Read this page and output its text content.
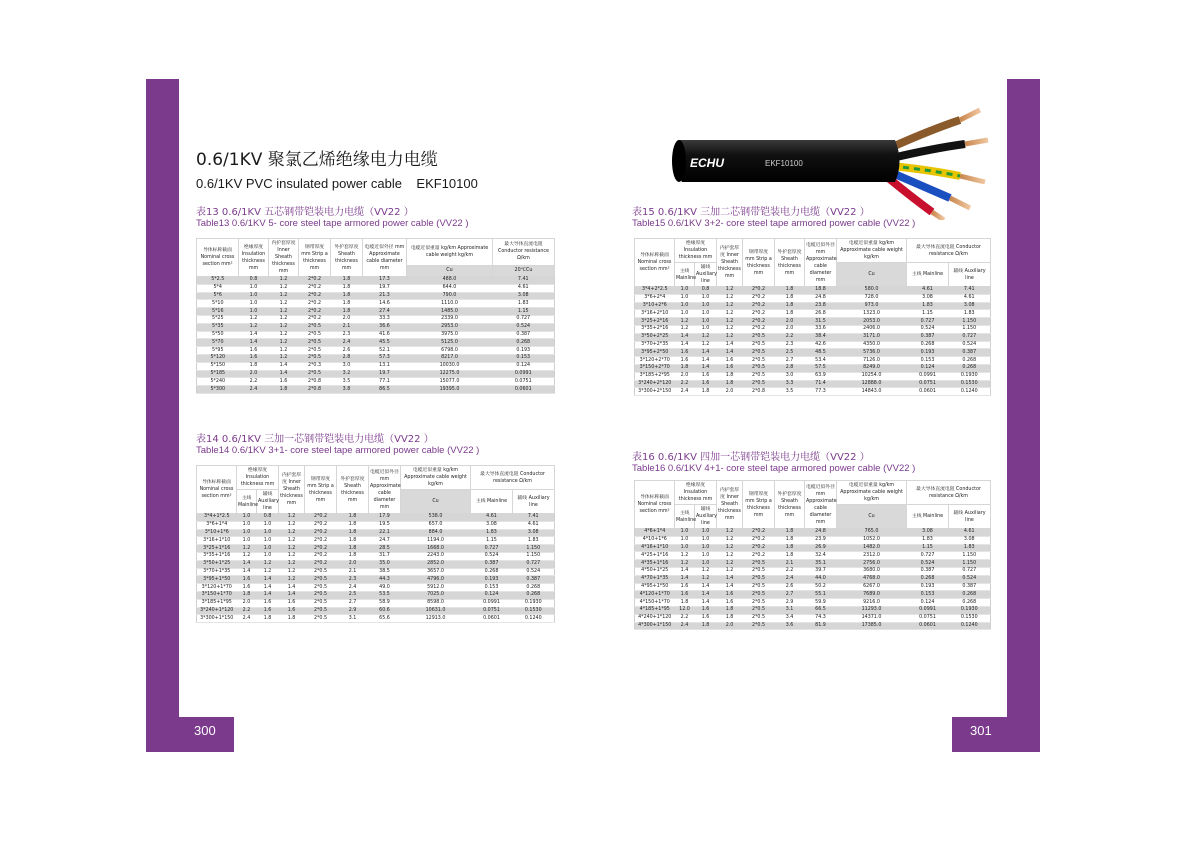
300	301
0.6/1KV 聚氯乙烯绝缘电力电缆
0.6/1KV PVC insulated power cable    EKF10100
ECHU	EKF10100
表13 0.6/1KV 五芯钢带铠装电力电缆（VV22 ）
Table13 0.6/1KV 5- core steel tape armored power cable (VV22 )
导体标称截面 Nominal cross section mm²	绝缘厚度 Insulation thickness mm	内护套厚度 Inner Sheath thickness mm	钢带厚度 mm Strip a thickness mm	外护套厚度 Sheath thickness mm	电缆近似外径 mm Approximate cable diameter mm	电缆近似重量 kg/km Approximate cable weight kg/km	最大导体直流电阻 Conductor resistance Ω/km
						Cu	20℃Cu
5*2.5	0.8	1.2	2*0.2	1.8	17.3	488.0	7.41
5*4	1.0	1.2	2*0.2	1.8	19.7	644.0	4.61
5*6	1.0	1.2	2*0.2	1.8	21.3	790.0	3.08
5*10	1.0	1.2	2*0.2	1.8	14.6	1110.0	1.83
5*16	1.0	1.2	2*0.2	1.8	27.4	1485.0	1.15
5*25	1.2	1.2	2*0.2	2.0	33.3	2339.0	0.727
5*35	1.2	1.2	2*0.5	2.1	36.6	2953.0	0.524
5*50	1.4	1.2	2*0.5	2.3	41.6	3975.0	0.387
5*70	1.4	1.2	2*0.5	2.4	45.5	5125.0	0.268
5*95	1.6	1.2	2*0.5	2.6	52.1	6798.0	0.193
5*120	1.6	1.2	2*0.5	2.8	57.3	8217.0	0.153
5*150	1.8	1.4	2*0.3	3.0	13.1	10030.0	0.124
5*185	2.0	1.4	2*0.5	3.2	19.7	12275.0	0.0991
5*240	2.2	1.6	2*0.8	3.5	77.1	15077.0	0.0751
5*300	2.4	1.8	2*0.8	3.8	86.5	19395.0	0.0601
表14 0.6/1KV 三加一芯钢带铠装电力电缆（VV22 ）
Table14 0.6/1KV 3+1- core steel tape armored power cable (VV22 )
导体标称截面 Nominal cross section mm²	绝缘厚度 Insulation thickness mm		内护套厚度 Inner Sheath thickness mm	钢带厚度 mm Strip a thickness mm	外护套厚度 Sheath thickness mm	电缆近似外径 mm Approximate cable diameter mm	电缆近似重量 kg/km Approximate cable weight kg/km	最大导体直流电阻 Conductor resistance Ω/km	
	主线 Mainline	辅线 Auxiliary line					Cu	主线 Mainline	辅线 Auxiliary line
3*4+1*2.5	1.0	0.8	1.2	2*0.2	1.8	17.9	538.0	4.61	7.41
3*6+1*4	1.0	1.0	1.2	2*0.2	1.8	19.5	657.0	3.08	4.61
3*10+1*6	1.0	1.0	1.2	2*0.2	1.8	22.1	884.0	1.83	3.08
3*16+1*10	1.0	1.0	1.2	2*0.2	1.8	24.7	1194.0	1.15	1.83
3*25+1*16	1.2	1.0	1.2	2*0.2	1.8	28.5	1668.0	0.727	1.150
3*35+1*16	1.2	1.0	1.2	2*0.2	1.8	31.7	2243.0	0.524	1.150
3*50+1*25	1.4	1.2	1.2	2*0.2	2.0	35.0	2852.0	0.387	0.727
3*70+1*35	1.4	1.2	1.2	2*0.5	2.1	38.5	3657.0	0.268	0.524
3*95+1*50	1.6	1.4	1.2	2*0.5	2.3	44.3	4796.0	0.193	0.387
3*120+1*70	1.6	1.4	1.4	2*0.5	2.4	49.0	5912.0	0.153	0.268
3*150+1*70	1.8	1.4	1.4	2*0.5	2.5	53.5	7025.0	0.124	0.268
3*185+1*95	2.0	1.6	1.6	2*0.5	2.7	58.9	8598.0	0.0991	0.1930
3*240+1*120	2.2	1.6	1.6	2*0.5	2.9	60.6	10631.0	0.0751	0.1530
3*300+1*150	2.4	1.8	1.8	2*0.5	3.1	65.6	12913.0	0.0601	0.1240
表15 0.6/1KV 三加二芯钢带铠装电力电缆（VV22 ）
Table15 0.6/1KV 3+2- core steel tape armored power cable (VV22 )
导体标称截面 Nominal cross section mm²	绝缘厚度 Insulation thickness mm		内护套厚度 Inner Sheath thickness mm	钢带厚度 mm Strip a thickness mm	外护套厚度 Sheath thickness mm	电缆近似外径 mm Approximate cable diameter mm	电缆近似重量 kg/km Approximate cable weight kg/km	最大导体直流电阻 Conductor resistance Ω/km	
	主线 Mainline	辅线 Auxiliary line					Cu	主线 Mainline	辅线 Auxiliary line
3*4+2*2.5	1.0	0.8	1.2	2*0.2	1.8	18.8	580.0	4.61	7.41
3*6+2*4	1.0	1.0	1.2	2*0.2	1.8	24.8	728.0	3.08	4.61
3*10+2*6	1.0	1.0	1.2	2*0.2	1.8	23.8	973.0	1.83	3.08
3*16+2*10	1.0	1.0	1.2	2*0.2	1.8	26.8	1323.0	1.15	1.83
3*25+2*16	1.2	1.0	1.2	2*0.2	2.0	31.5	2053.0	0.727	1.150
3*35+2*16	1.2	1.0	1.2	2*0.2	2.0	33.6	2406.0	0.524	1.150
3*50+2*25	1.4	1.2	1.2	2*0.5	2.2	38.4	3171.0	0.387	0.727
3*70+2*35	1.4	1.2	1.4	2*0.5	2.3	42.6	4350.0	0.268	0.524
3*95+2*50	1.6	1.4	1.4	2*0.5	2.5	48.5	5736.0	0.193	0.387
3*120+2*70	1.6	1.4	1.6	2*0.5	2.7	53.4	7126.0	0.153	0.268
3*150+2*70	1.8	1.4	1.6	2*0.5	2.8	57.5	8249.0	0.124	0.268
3*185+2*95	2.0	1.6	1.8	2*0.5	3.0	63.9	10254.0	0.0991	0.1930
3*240+2*120	2.2	1.6	1.8	2*0.5	3.3	71.4	12888.0	0.0751	0.1530
3*300+2*150	2.4	1.8	2.0	2*0.8	3.5	77.3	14843.0	0.0601	0.1240
表16 0.6/1KV 四加一芯钢带铠装电力电缆（VV22 ）
Table16 0.6/1KV 4+1- core steel tape armored power cable (VV22 )
导体标称截面 Nominal cross section mm²	绝缘厚度 Insulation thickness mm		内护套厚度 Inner Sheath thickness mm	钢带厚度 mm Strip a thickness mm	外护套厚度 Sheath thickness mm	电缆近似外径 mm Approximate cable diameter mm	电缆近似重量 kg/km Approximate cable weight kg/km	最大导体直流电阻 Conductor resistance Ω/km	
	主线 Mainline	辅线 Auxiliary line					Cu	主线 Mainline	辅线 Auxiliary line
4*6+1*4	1.0	1.0	1.2	2*0.2	1.8	24.8	765.0	3.08	4.61
4*10+1*6	1.0	1.0	1.2	2*0.2	1.8	23.9	1052.0	1.83	3.08
4*16+1*10	1.0	1.0	1.2	2*0.2	1.8	26.9	1482.0	1.15	1.83
4*25+1*16	1.2	1.0	1.2	2*0.2	1.8	32.4	2312.0	0.727	1.150
4*35+1*16	1.2	1.0	1.2	2*0.5	2.1	35.1	2756.0	0.524	1.150
4*50+1*25	1.4	1.2	1.2	2*0.5	2.2	39.7	3680.0	0.387	0.727
4*70+1*35	1.4	1.2	1.4	2*0.5	2.4	44.0	4768.0	0.268	0.524
4*95+1*50	1.6	1.4	1.4	2*0.5	2.6	50.2	6267.0	0.193	0.387
4*120+1*70	1.6	1.4	1.6	2*0.5	2.7	55.1	7689.0	0.153	0.268
4*150+1*70	1.8	1.4	1.6	2*0.5	2.9	59.9	9216.0	0.124	0.268
4*185+1*95	12.0	1.6	1.8	2*0.5	3.1	66.5	11293.0	0.0991	0.1930
4*240+1*120	2.2	1.6	1.8	2*0.5	3.4	74.3	14371.0	0.0751	0.1530
4*300+1*150	2.4	1.8	2.0	2*0.5	3.6	81.9	17385.0	0.0601	0.1240
